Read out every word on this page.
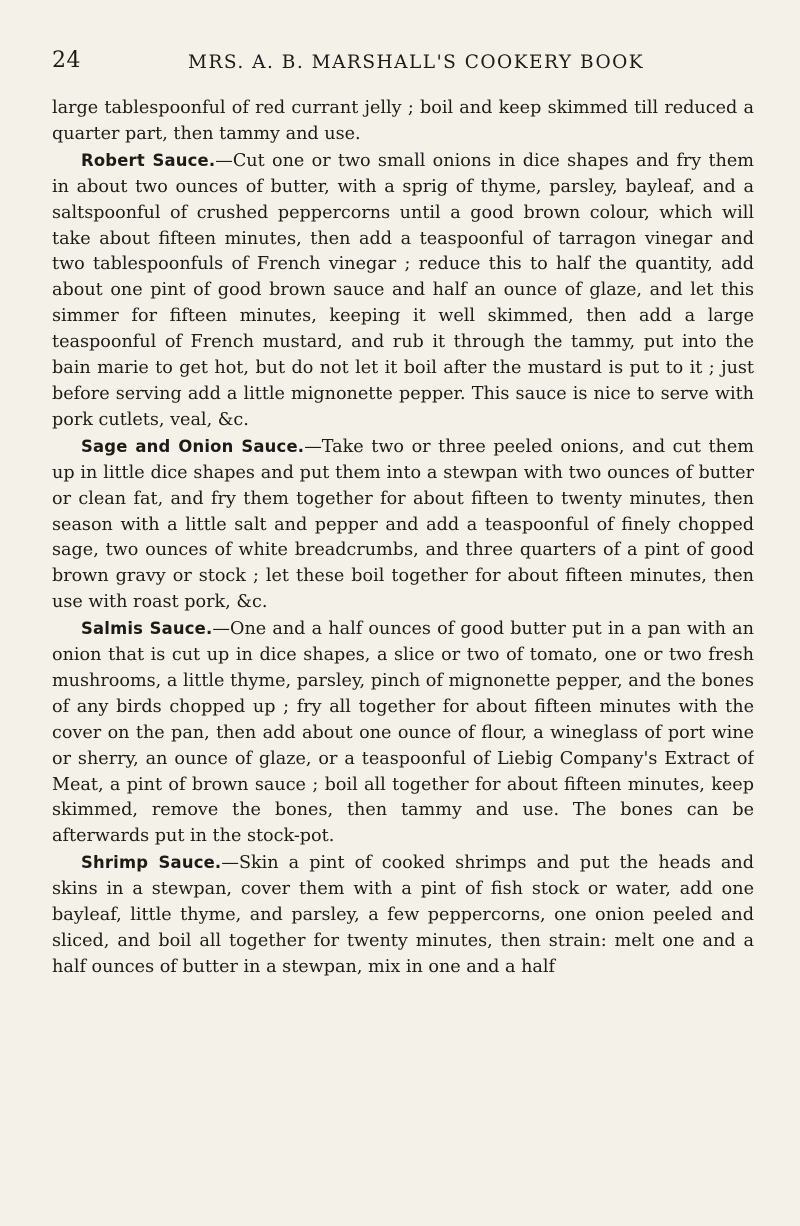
24	MRS. A. B. MARSHALL'S COOKERY BOOK

large tablespoonful of red currant jelly ; boil and keep skimmed till reduced a quarter part, then tammy and use.

Robert Sauce.—Cut one or two small onions in dice shapes and fry them in about two ounces of butter, with a sprig of thyme, parsley, bayleaf, and a saltspoonful of crushed peppercorns until a good brown colour, which will take about fifteen minutes, then add a teaspoonful of tarragon vinegar and two tablespoonfuls of French vinegar ; reduce this to half the quantity, add about one pint of good brown sauce and half an ounce of glaze, and let this simmer for fifteen minutes, keeping it well skimmed, then add a large teaspoonful of French mustard, and rub it through the tammy, put into the bain marie to get hot, but do not let it boil after the mustard is put to it ; just before serving add a little mignonette pepper. This sauce is nice to serve with pork cutlets, veal, &c.

Sage and Onion Sauce.—Take two or three peeled onions, and cut them up in little dice shapes and put them into a stewpan with two ounces of butter or clean fat, and fry them together for about fifteen to twenty minutes, then season with a little salt and pepper and add a teaspoonful of finely chopped sage, two ounces of white breadcrumbs, and three quarters of a pint of good brown gravy or stock ; let these boil together for about fifteen minutes, then use with roast pork, &c.

Salmis Sauce.—One and a half ounces of good butter put in a pan with an onion that is cut up in dice shapes, a slice or two of tomato, one or two fresh mushrooms, a little thyme, parsley, pinch of mignonette pepper, and the bones of any birds chopped up ; fry all together for about fifteen minutes with the cover on the pan, then add about one ounce of flour, a wineglass of port wine or sherry, an ounce of glaze, or a teaspoonful of Liebig Company's Extract of Meat, a pint of brown sauce ; boil all together for about fifteen minutes, keep skimmed, remove the bones, then tammy and use. The bones can be afterwards put in the stock-pot.

Shrimp Sauce.—Skin a pint of cooked shrimps and put the heads and skins in a stewpan, cover them with a pint of fish stock or water, add one bayleaf, little thyme, and parsley, a few peppercorns, one onion peeled and sliced, and boil all together for twenty minutes, then strain: melt one and a half ounces of butter in a stewpan, mix in one and a half
